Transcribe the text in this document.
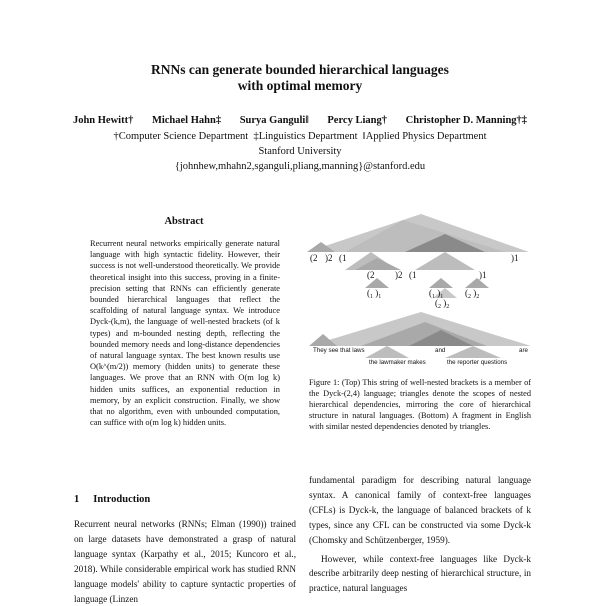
RNNs can generate bounded hierarchical languages
with optimal memory
John Hewitt† Michael Hahn‡ Surya Ganguli‖ Percy Liang† Christopher D. Manning†‡
†Computer Science Department  ‡Linguistics Department  ‖Applied Physics Department
Stanford University
{johnhew,mhahn2,sganguli,pliang,manning}@stanford.edu
Abstract

Recurrent neural networks empirically generate natural language with high syntactic fidelity. However, their success is not well-understood theoretically. We provide theoretical insight into this success, proving in a finite-precision setting that RNNs can efficiently generate bounded hierarchical languages that reflect the scaffolding of natural language syntax. We introduce Dyck-(k,m), the language of well-nested brackets (of k types) and m-bounded nesting depth, reflecting the bounded memory needs and long-distance dependencies of natural language syntax. The best known results use O(k^(m/2)) memory (hidden units) to generate these languages. We prove that an RNN with O(m log k) hidden units suffices, an exponential reduction in memory, by an explicit construction. Finally, we show that no algorithm, even with unbounded computation, can suffice with o(m log k) hidden units.

1 Introduction

Recurrent neural networks (RNNs; Elman (1990)) trained on large datasets have demonstrated a grasp of natural language syntax (Karpathy et al., 2015; Kuncoro et al., 2018). While considerable empirical work has studied RNN language models' ability to capture syntactic properties of language (Linzen

(2 )2 (1
(2 )2 (1	)1
)1
($_1$ )$_1$	($_1$ )$_1$ ($_2$ )$_2$
($_2$ )$_2$
They see that laws	and	are
the lawmaker makes	the reporter questions

Figure 1: (Top) This string of well-nested brackets is a member of the Dyck-(2,4) language; triangles denote the scopes of nested hierarchical dependencies, mirroring the core of hierarchical structure in natural languages. (Bottom) A fragment in English with similar nested dependencies denoted by triangles.

fundamental paradigm for describing natural language syntax. A canonical family of context-free languages (CFLs) is Dyck-k, the language of balanced brackets of k types, since any CFL can be constructed via some Dyck-k (Chomsky and Schützenberger, 1959).

However, while context-free languages like Dyck-k describe arbitrarily deep nesting of hierarchical structure, in practice, natural languages
